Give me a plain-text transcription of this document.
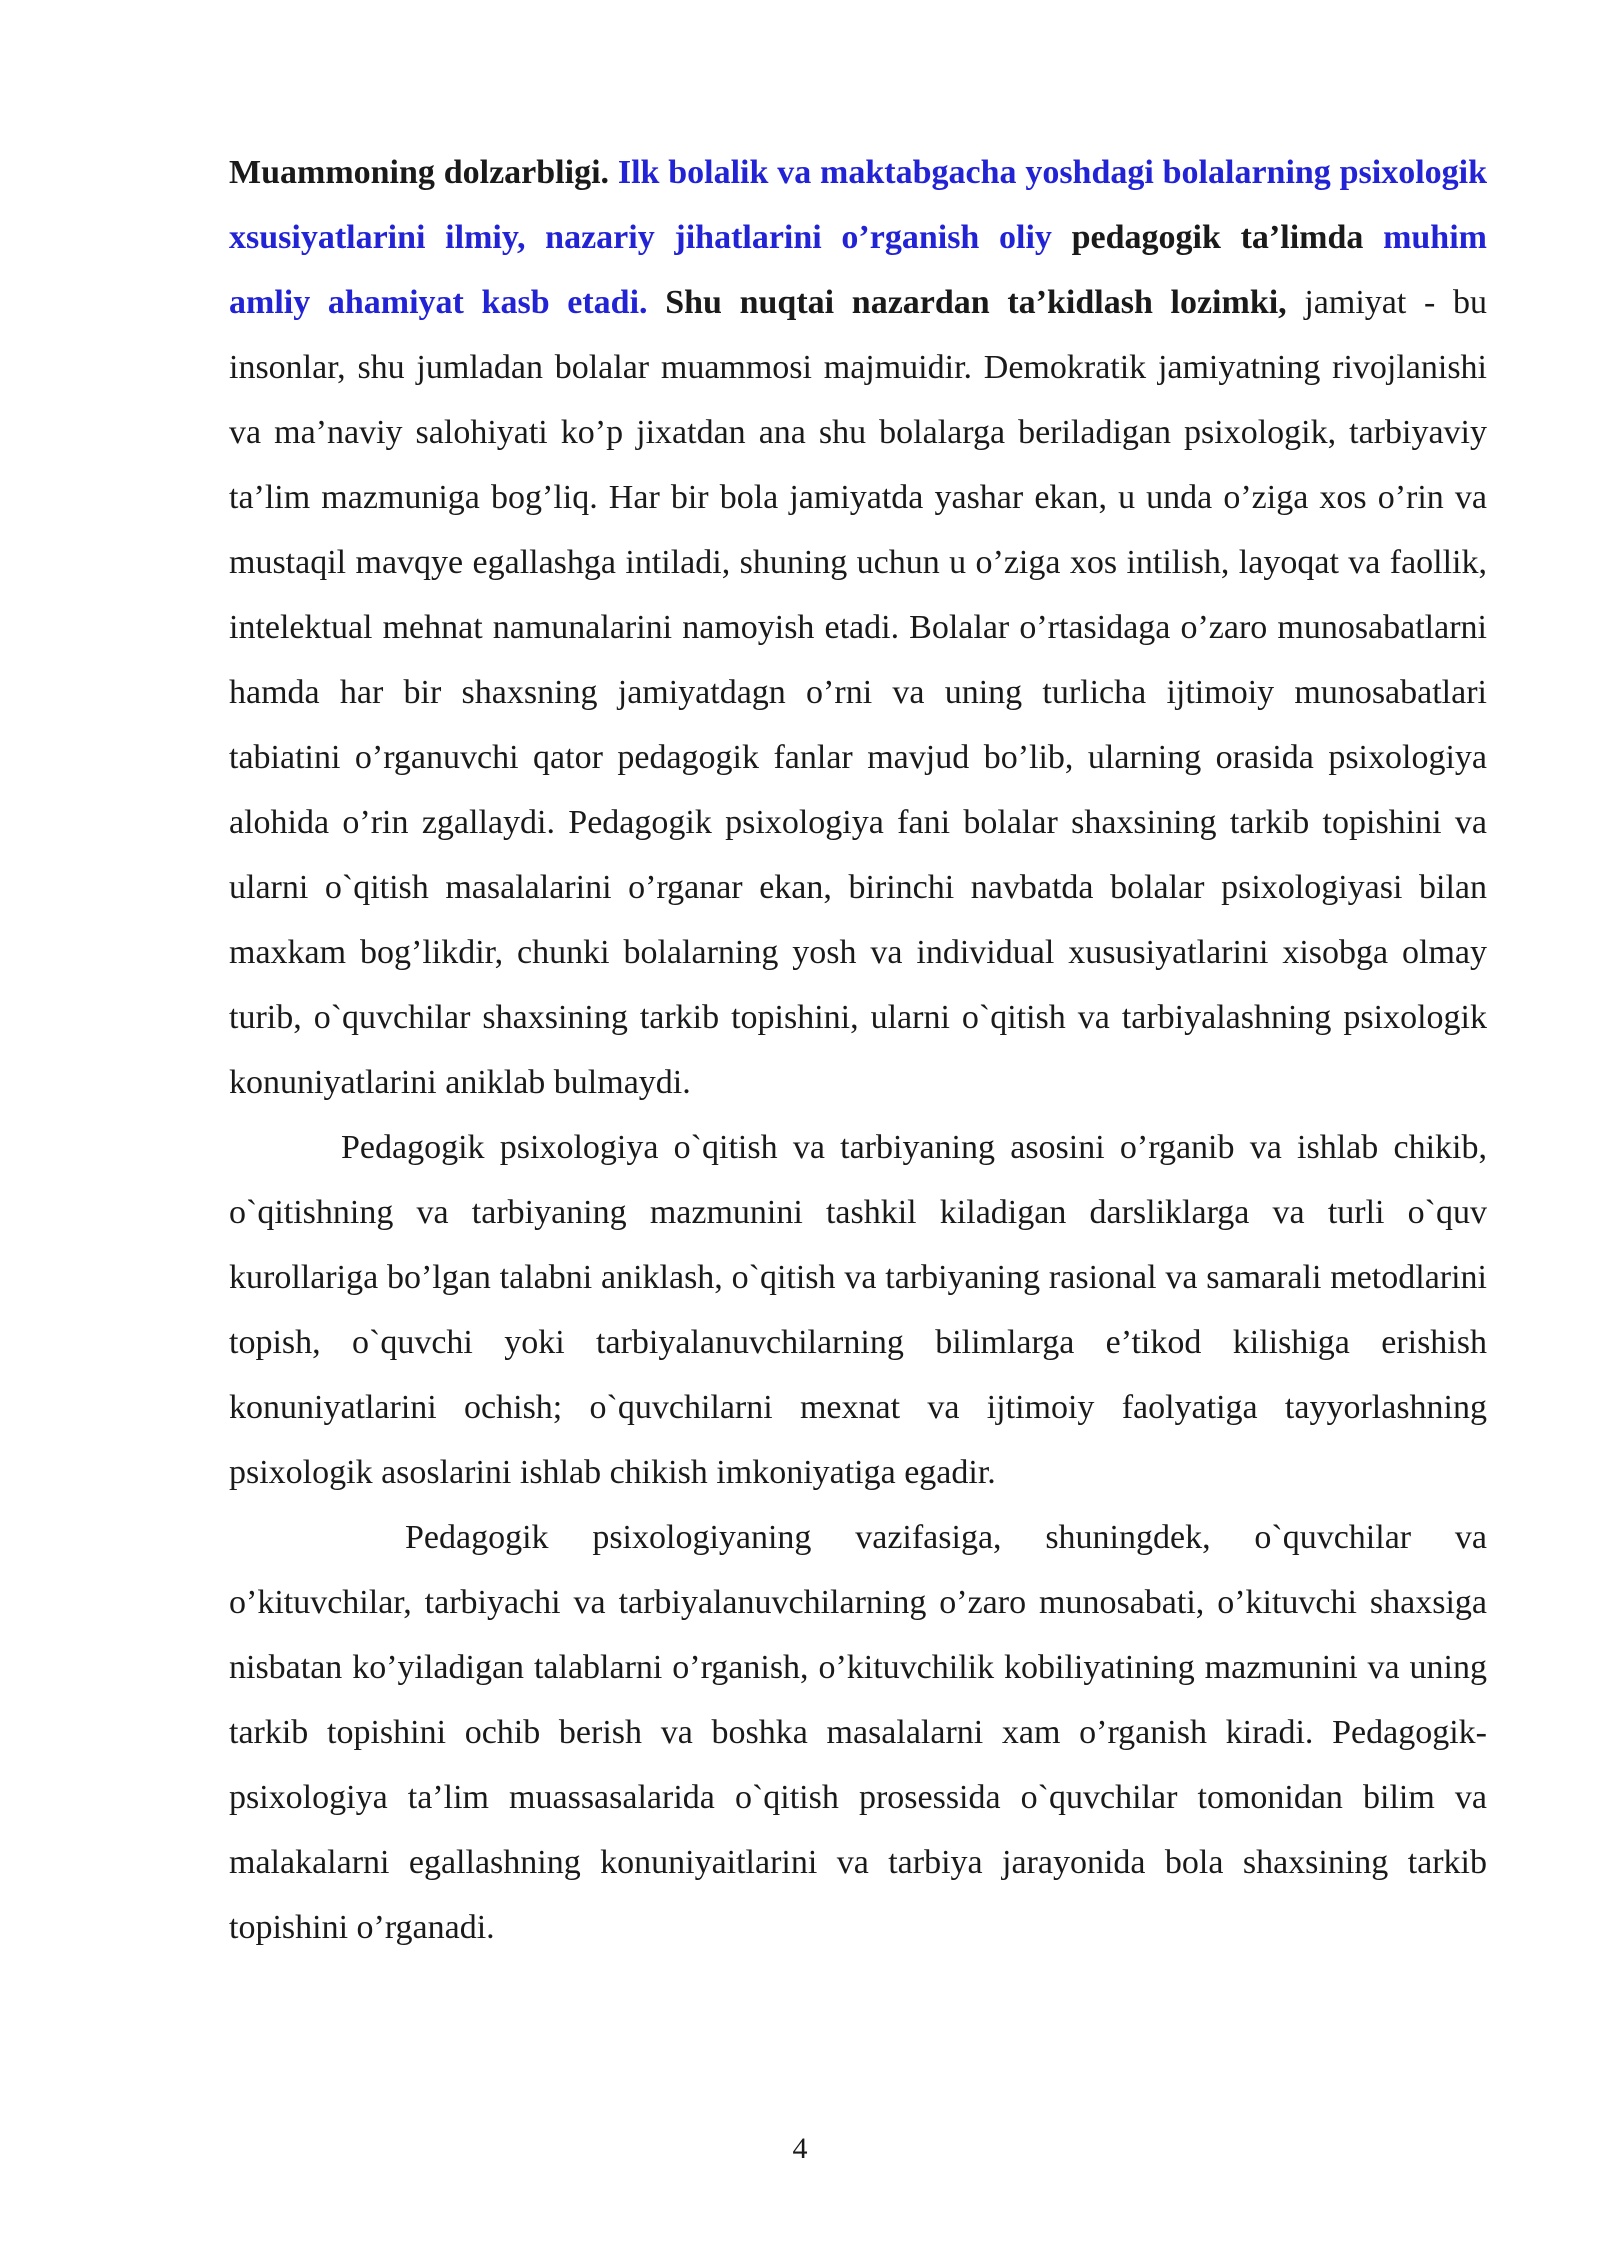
Muammoning dolzarbligi. Ilk bolalik va maktabgacha yoshdagi bolalarning psixologik xsusiyatlarini ilmiy, nazariy jihatlarini o’rganish oliy pedagogik ta’limda muhim amliy ahamiyat kasb etadi. Shu nuqtai nazardan ta’kidlash lozimki, jamiyat - bu insonlar, shu jumladan bolalar muammosi majmuidir. Demokratik jamiyatning rivojlanishi va ma’naviy salohiyati ko’p jixatdan ana shu bolalarga beriladigan psixologik, tarbiyaviy ta’lim mazmuniga bog’liq. Har bir bola jamiyatda yashar ekan, u unda o’ziga xos o’rin va mustaqil mavqye egallashga intiladi, shuning uchun u o’ziga xos intilish, layoqat va faollik, intelektual mehnat namunalarini namoyish etadi. Bolalar o’rtasidaga o’zaro munosabatlarni hamda har bir shaxsning jamiyatdagn o’rni va uning turlicha ijtimoiy munosabatlari tabiatini o’rganuvchi qator pedagogik fanlar mavjud bo’lib, ularning orasida psixologiya alohida o’rin zgallaydi. Pedagogik psixologiya fani bolalar shaxsining tarkib topishini va ularni o`qitish masalalarini o’rganar ekan, birinchi navbatda bolalar psixologiyasi bilan maxkam bog’likdir, chunki bolalarning yosh va individual xususiyatlarini xisobga olmay turib, o`quvchilar shaxsining tarkib topishini, ularni o`qitish va tarbiyalashning psixologik konuniyatlarini aniklab bulmaydi.

Pedagogik psixologiya o`qitish va tarbiyaning asosini o’rganib va ishlab chikib, o`qitishning va tarbiyaning mazmunini tashkil kiladigan darsliklarga va turli o`quv kurollariga bo’lgan talabni aniklash, o`qitish va tarbiyaning rasional va samarali metodlarini topish, o`quvchi yoki tarbiyalanuvchilarning bilimlarga e’tikod kilishiga erishish konuniyatlarini ochish; o`quvchilarni mexnat va ijtimoiy faolyatiga tayyorlashning psixologik asoslarini ishlab chikish imkoniyatiga egadir.

Pedagogik psixologiyaning vazifasiga, shuningdek, o`quvchilar va o’kituvchilar, tarbiyachi va tarbiyalanuvchilarning o’zaro munosabati, o’kituvchi shaxsiga nisbatan ko’yiladigan talablarni o’rganish, o’kituvchilik kobiliyatining mazmunini va uning tarkib topishini ochib berish va boshka masalalarni xam o’rganish kiradi. Pedagogik-psixologiya ta’lim muassasalarida o`qitish prosessida o`quvchilar tomonidan bilim va malakalarni egallashning konuniyaitlarini va tarbiya jarayonida bola shaxsining tarkib topishini o’rganadi.

4
